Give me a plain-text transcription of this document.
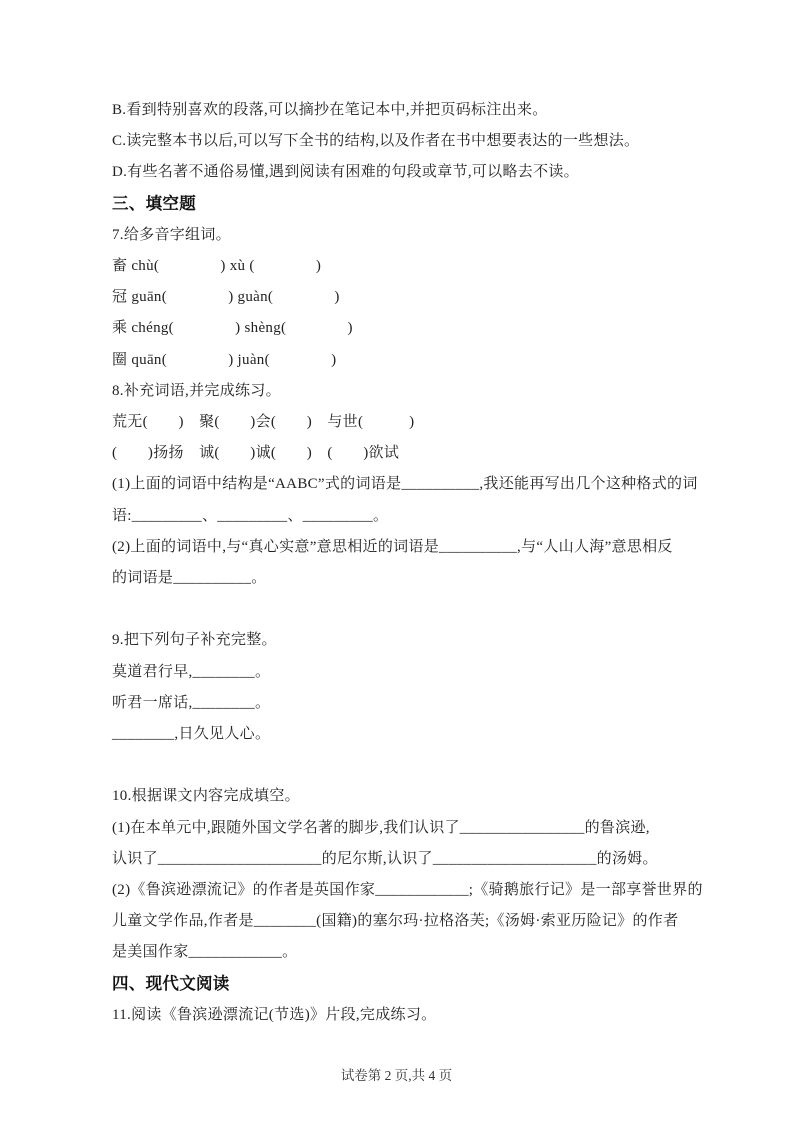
B.看到特别喜欢的段落,可以摘抄在笔记本中,并把页码标注出来。
C.读完整本书以后,可以写下全书的结构,以及作者在书中想要表达的一些想法。
D.有些名著不通俗易懂,遇到阅读有困难的句段或章节,可以略去不读。
三、填空题
7.给多音字组词。
畜 chù(　　　　) xù (　　　　)
冠 guān(　　　　) guàn(　　　　)
乘 chéng(　　　　) shèng(　　　　)
圈 quān(　　　　) juàn(　　　　)
8.补充词语,并完成练习。
荒无(　　)　聚(　　)会(　　)　与世(　　　)
(　　)扬扬　诚(　　)诚(　　)　(　　)欲试
(1)上面的词语中结构是“AABC”式的词语是__________,我还能再写出几个这种格式的词
语:_________、_________、_________。
(2)上面的词语中,与“真心实意”意思相近的词语是__________,与“人山人海”意思相反
的词语是__________。
9.把下列句子补充完整。
莫道君行早,________。
听君一席话,________。
________,日久见人心。
10.根据课文内容完成填空。
(1)在本单元中,跟随外国文学名著的脚步,我们认识了________________的鲁滨逊,
认识了_____________________的尼尔斯,认识了_____________________的汤姆。
(2)《鲁滨逊漂流记》的作者是英国作家____________;《骑鹅旅行记》是一部享誉世界的
儿童文学作品,作者是________(国籍)的塞尔玛·拉格洛芙;《汤姆·索亚历险记》的作者
是美国作家____________。
四、现代文阅读
11.阅读《鲁滨逊漂流记(节选)》片段,完成练习。
试卷第 2 页,共 4 页
